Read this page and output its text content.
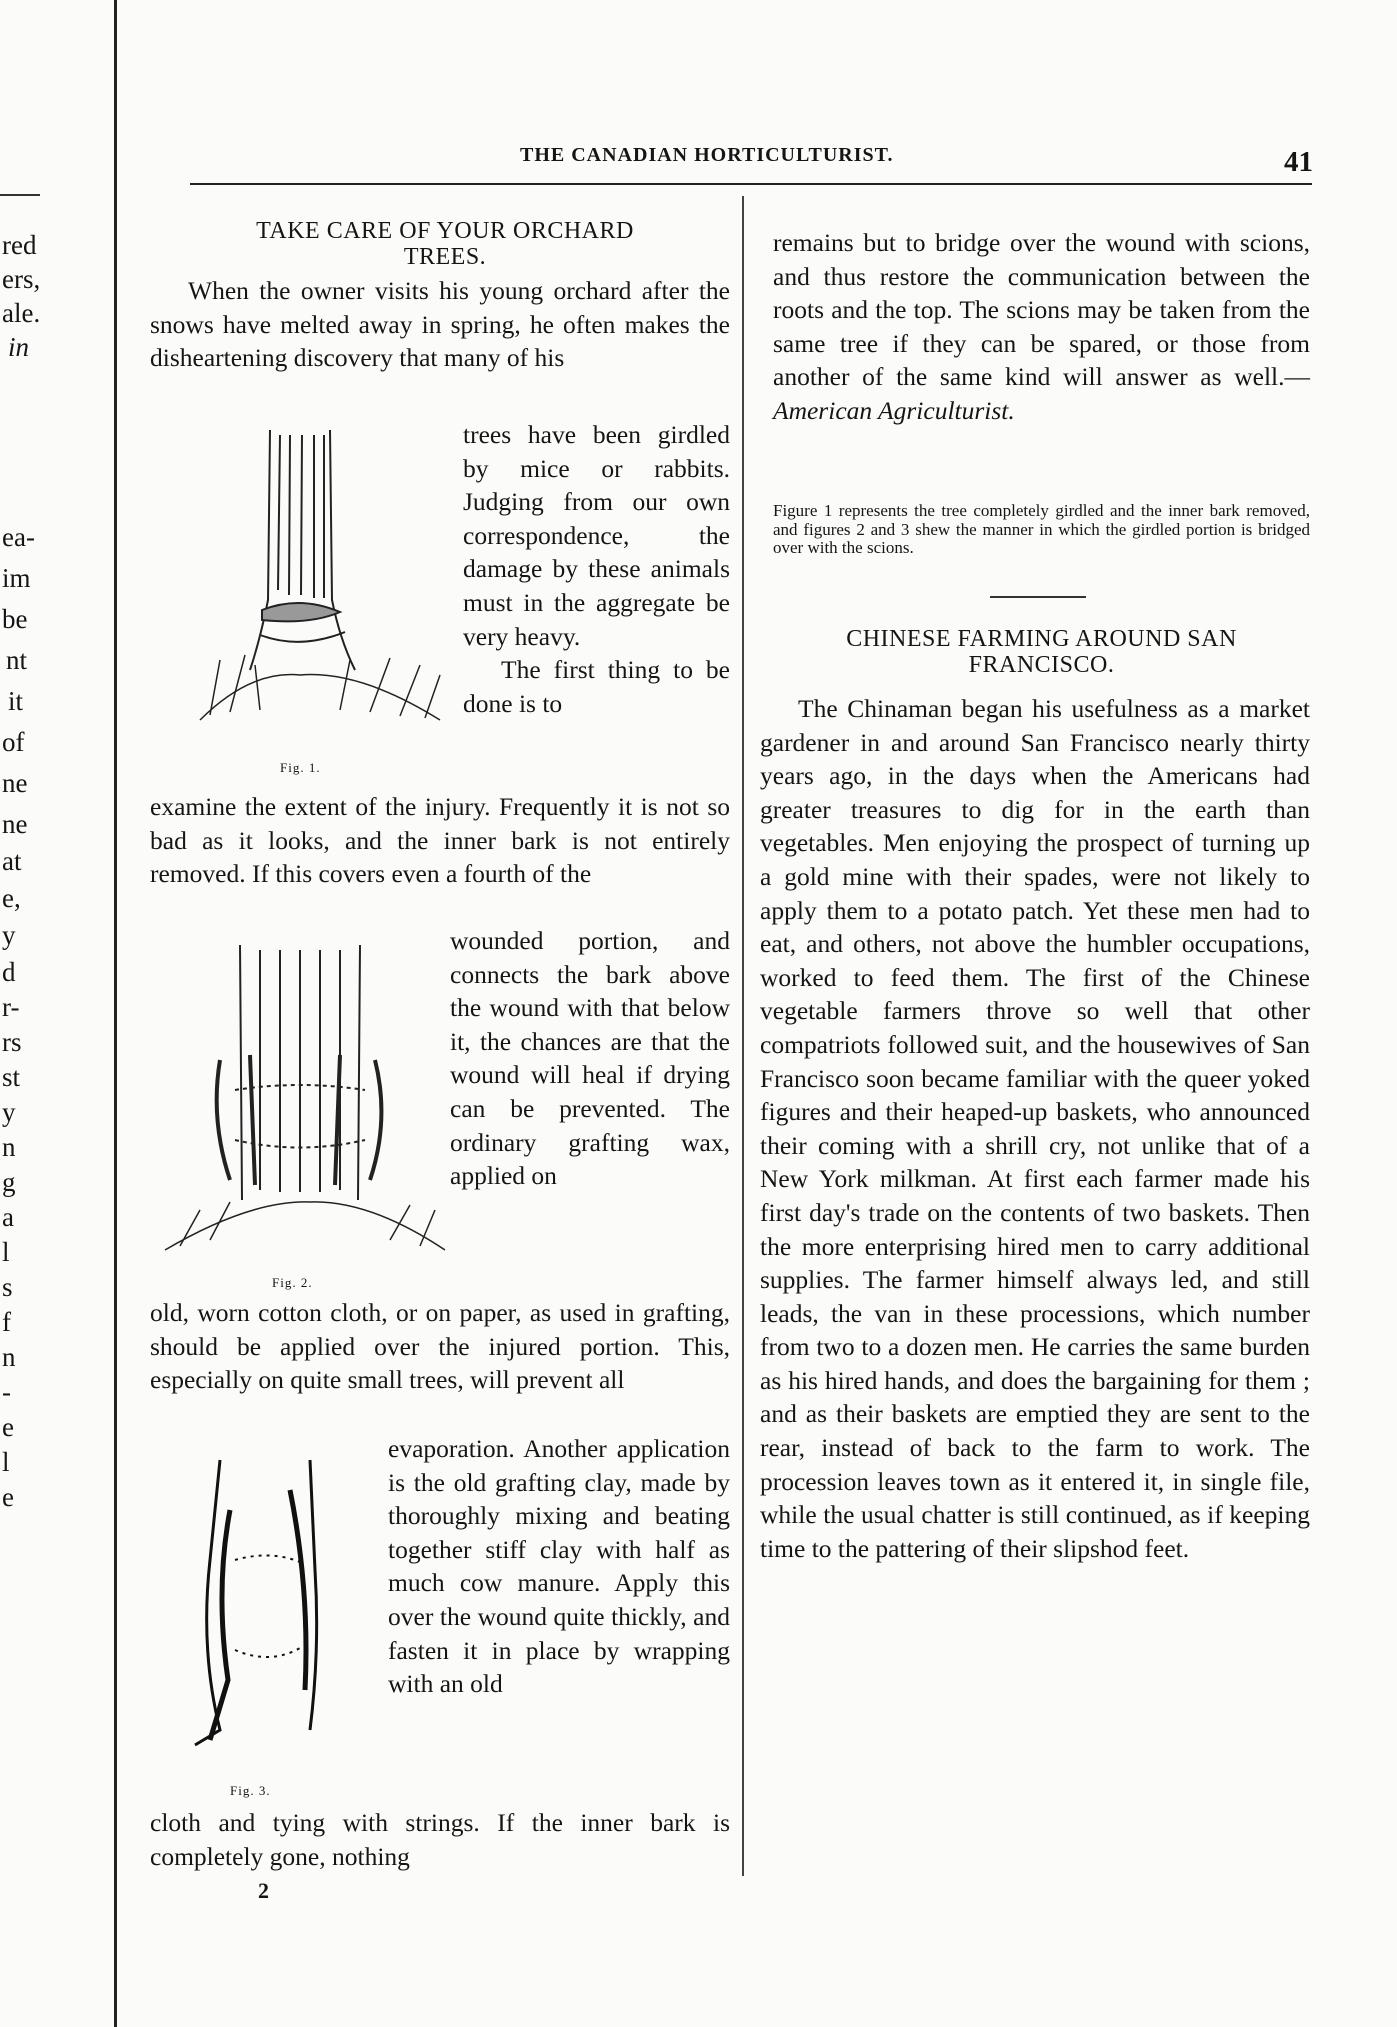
red
ers,
ale.
in
ea-
im
be
nt
it
of
ne
ne
at
e,
y
d
r-
rs
st
y
n
g
a
l
s
f
n
-
e
l
e
THE CANADIAN HORTICULTURIST.	41
TAKE CARE OF YOUR ORCHARD
TREES.

When the owner visits his young orchard after the snows have melted away in spring, he often makes the disheartening discovery that many of his

trees have been girdled by mice or rabbits. Judging from our own correspondence, the damage by these animals must in the aggregate be very heavy.

The first thing to be done is to

Fig. 1.

examine the extent of the injury. Frequently it is not so bad as it looks, and the inner bark is not entirely removed. If this covers even a fourth of the

wounded portion, and connects the bark above the wound with that below it, the chances are that the wound will heal if drying can be prevented. The ordinary grafting wax, applied on

Fig. 2.

old, worn cotton cloth, or on paper, as used in grafting, should be applied over the injured portion. This, especially on quite small trees, will prevent all

evaporation. Another application is the old grafting clay, made by thoroughly mixing and beating together stiff clay with half as much cow manure. Apply this over the wound quite thickly, and fasten it in place by wrapping with an old

Fig. 3.

cloth and tying with strings. If the inner bark is completely gone, nothing

2

remains but to bridge over the wound with scions, and thus restore the communication between the roots and the top. The scions may be taken from the same tree if they can be spared, or those from another of the same kind will answer as well.—American Agriculturist.

Figure 1 represents the tree completely girdled and the inner bark removed, and figures 2 and 3 shew the manner in which the girdled portion is bridged over with the scions.
CHINESE FARMING AROUND SAN
FRANCISCO.

The Chinaman began his usefulness as a market gardener in and around San Francisco nearly thirty years ago, in the days when the Americans had greater treasures to dig for in the earth than vegetables. Men enjoying the prospect of turning up a gold mine with their spades, were not likely to apply them to a potato patch. Yet these men had to eat, and others, not above the humbler occupations, worked to feed them. The first of the Chinese vegetable farmers throve so well that other compatriots followed suit, and the housewives of San Francisco soon became familiar with the queer yoked figures and their heaped-up baskets, who announced their coming with a shrill cry, not unlike that of a New York milkman. At first each farmer made his first day's trade on the contents of two baskets. Then the more enterprising hired men to carry additional supplies. The farmer himself always led, and still leads, the van in these processions, which number from two to a dozen men. He carries the same burden as his hired hands, and does the bargaining for them ; and as their baskets are emptied they are sent to the rear, instead of back to the farm to work. The procession leaves town as it entered it, in single file, while the usual chatter is still continued, as if keeping time to the pattering of their slipshod feet.
